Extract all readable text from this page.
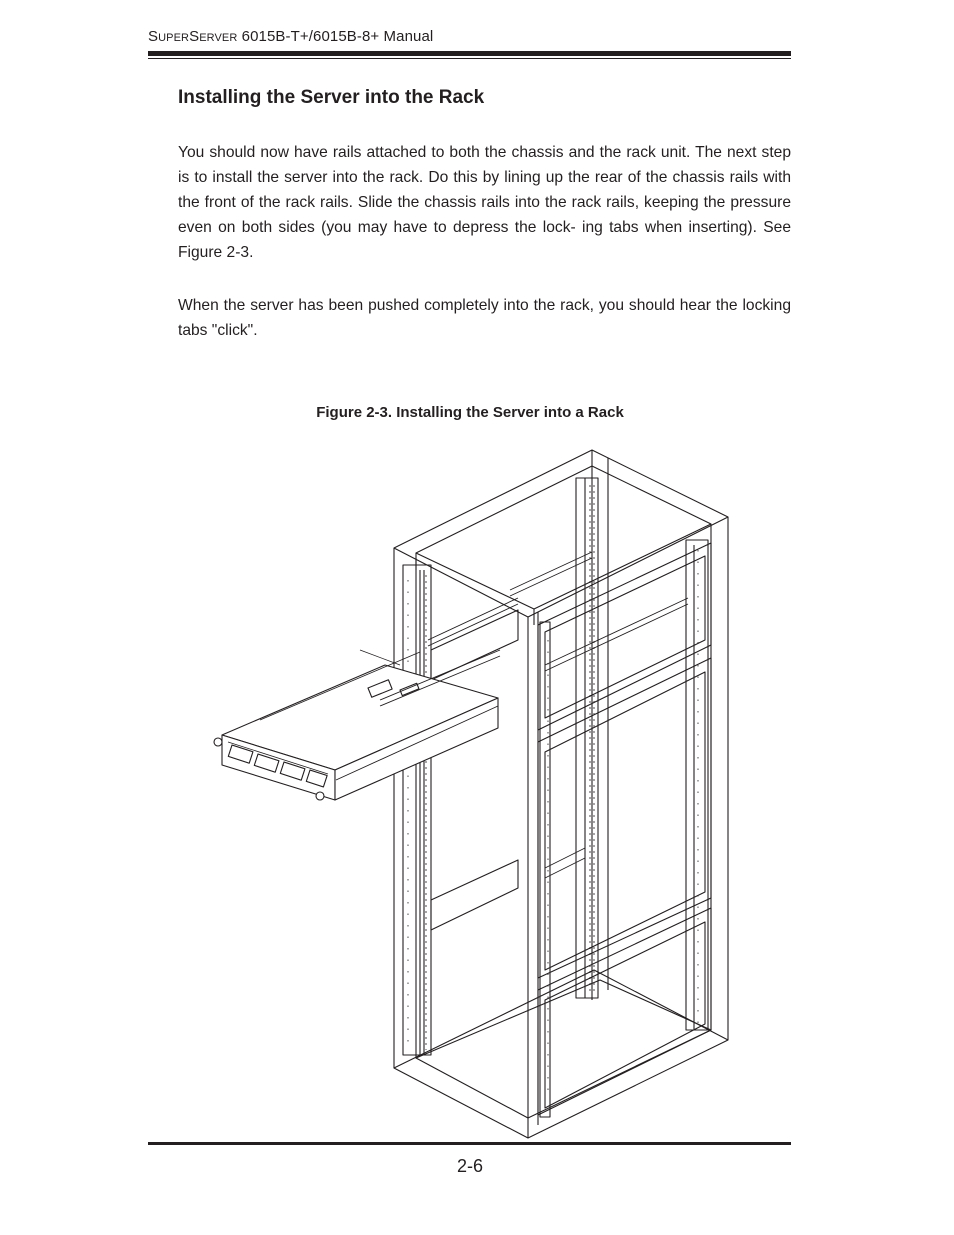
SUPERSERVER 6015B-T+/6015B-8+ Manual
Installing the Server into the Rack

You should now have rails attached to both the chassis and the rack unit. The next step is to install the server into the rack. Do this by lining up the rear of the chassis rails with the front of the rack rails. Slide the chassis rails into the rack rails, keeping the pressure even on both sides (you may have to depress the lock- ing tabs when inserting). See Figure 2-3.

When the server has been pushed completely into the rack, you should hear the locking tabs "click".

Figure 2-3. Installing the Server into a Rack
2-6
